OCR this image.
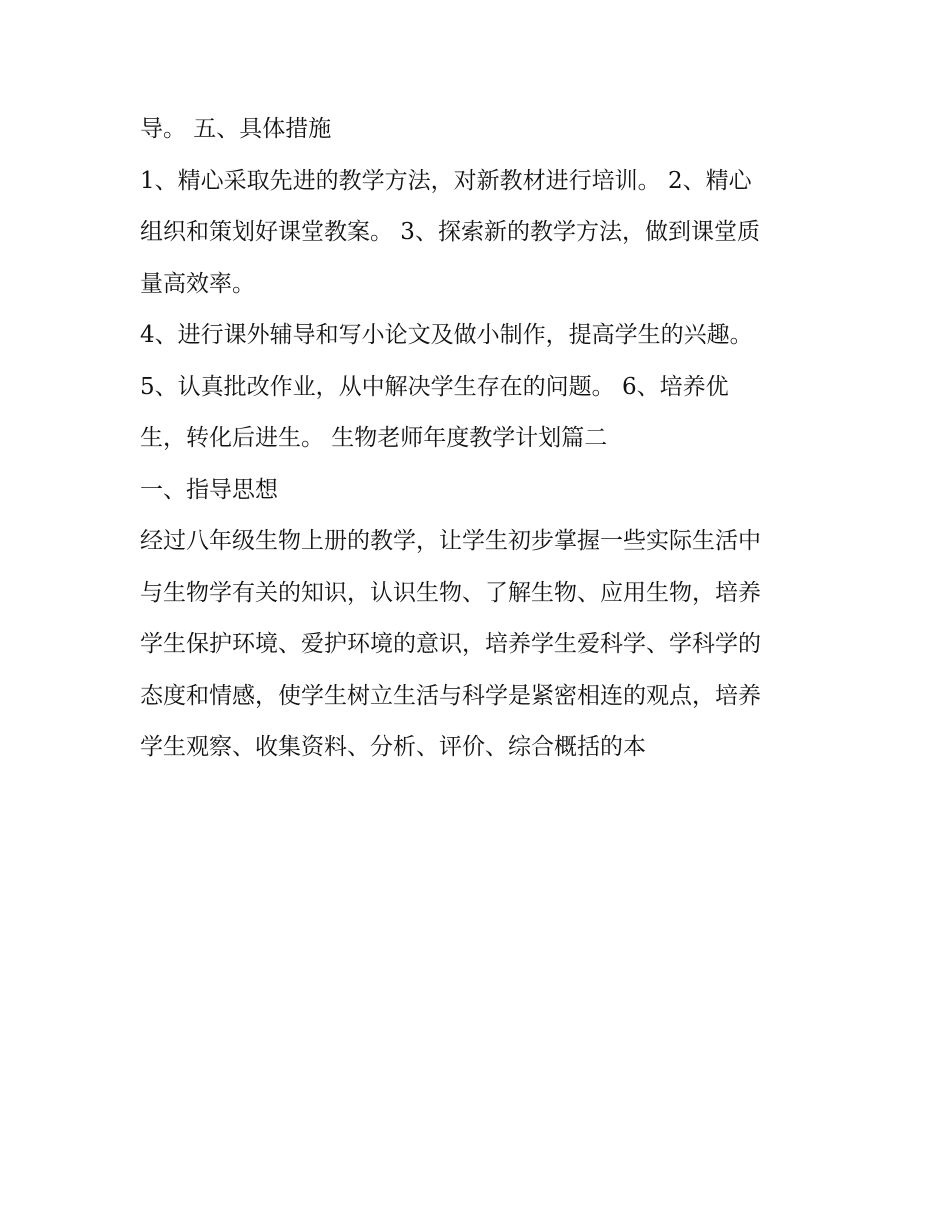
导。 五、具体措施
1、精心采取先进的教学方法，对新教材进行培训。 2、精心
组织和策划好课堂教案。 3、探索新的教学方法，做到课堂质
量高效率。
4、进行课外辅导和写小论文及做小制作，提高学生的兴趣。
5、认真批改作业，从中解决学生存在的问题。 6、培养优
生，转化后进生。 生物老师年度教学计划篇二
一、指导思想
经过八年级生物上册的教学，让学生初步掌握一些实际生活中
与生物学有关的知识，认识生物、了解生物、应用生物，培养
学生保护环境、爱护环境的意识，培养学生爱科学、学科学的
态度和情感，使学生树立生活与科学是紧密相连的观点，培养
学生观察、收集资料、分析、评价、综合概括的本
